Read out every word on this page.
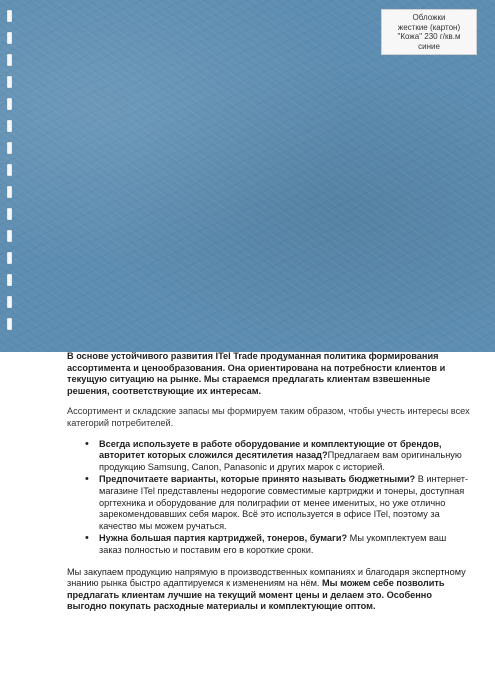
Обложки
жесткие (картон)
"Кожа" 230 г/кв.м
синие

В основе устойчивого развития ITel Trade продуманная политика формирования ассортимента и ценообразования. Она ориентирована на потребности клиентов и текущую ситуацию на рынке. Мы стараемся предлагать клиентам взвешенные решения, соответствующие их интересам.

Ассортимент и складские запасы мы формируем таким образом, чтобы учесть интересы всех категорий потребителей.

• Всегда используете в работе оборудование и комплектующие от брендов, авторитет которых сложился десятилетия назад?Предлагаем вам оригинальную продукцию Samsung, Canon, Panasonic и других марок с историей.
• Предпочитаете варианты, которые принято называть бюджетными? В интернет-магазине ITel представлены недорогие совместимые картриджи и тонеры, доступная оргтехника и оборудование для полиграфии от менее именитых, но уже отлично зарекомендовавших себя марок. Всё это используется в офисе ITel, поэтому за качество мы можем ручаться.
• Нужна большая партия картриджей, тонеров, бумаги? Мы укомплектуем ваш заказ полностью и поставим его в короткие сроки.

Мы закупаем продукцию напрямую в производственных компаниях и благодаря экспертному знанию рынка быстро адаптируемся к изменениям на нём. Мы можем себе позволить предлагать клиентам лучшие на текущий момент цены и делаем это. Особенно выгодно покупать расходные материалы и комплектующие оптом.
